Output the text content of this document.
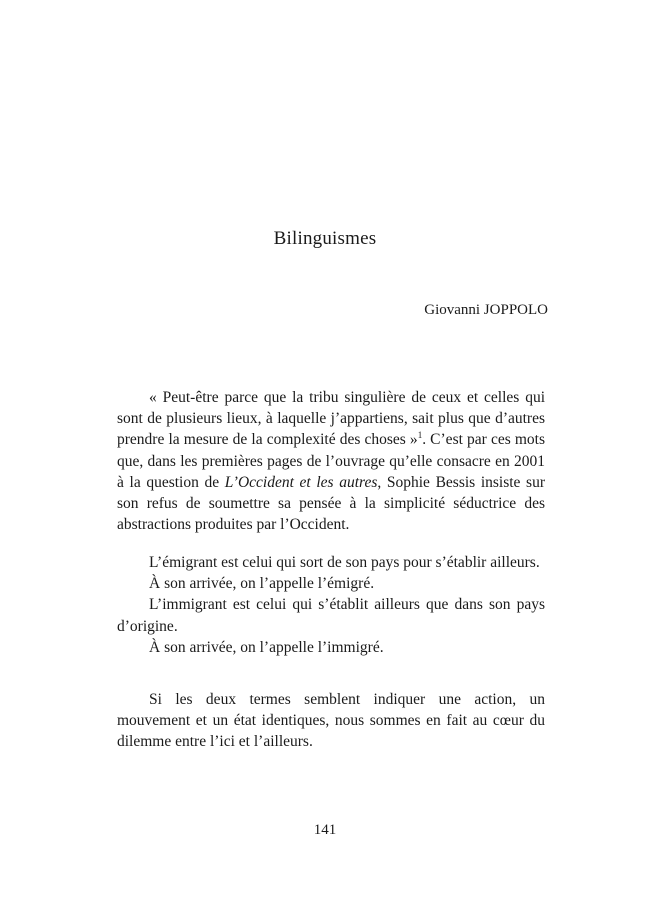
Bilinguismes
Giovanni JOPPOLO

« Peut-être parce que la tribu singulière de ceux et celles qui sont de plusieurs lieux, à laquelle j’appartiens, sait plus que d’autres prendre la mesure de la complexité des choses »$^1$. C’est par ces mots que, dans les premières pages de l’ouvrage qu’elle consacre en 2001 à la question de L’Occident et les autres, Sophie Bessis insiste sur son refus de soumettre sa pensée à la simplicité séductrice des abstractions produites par l’Occident.

L’émigrant est celui qui sort de son pays pour s’établir ailleurs.

À son arrivée, on l’appelle l’émigré.

L’immigrant est celui qui s’établit ailleurs que dans son pays d’origine.

À son arrivée, on l’appelle l’immigré.

Si les deux termes semblent indiquer une action, un mouvement et un état identiques, nous sommes en fait au cœur du dilemme entre l’ici et l’ailleurs.

141
